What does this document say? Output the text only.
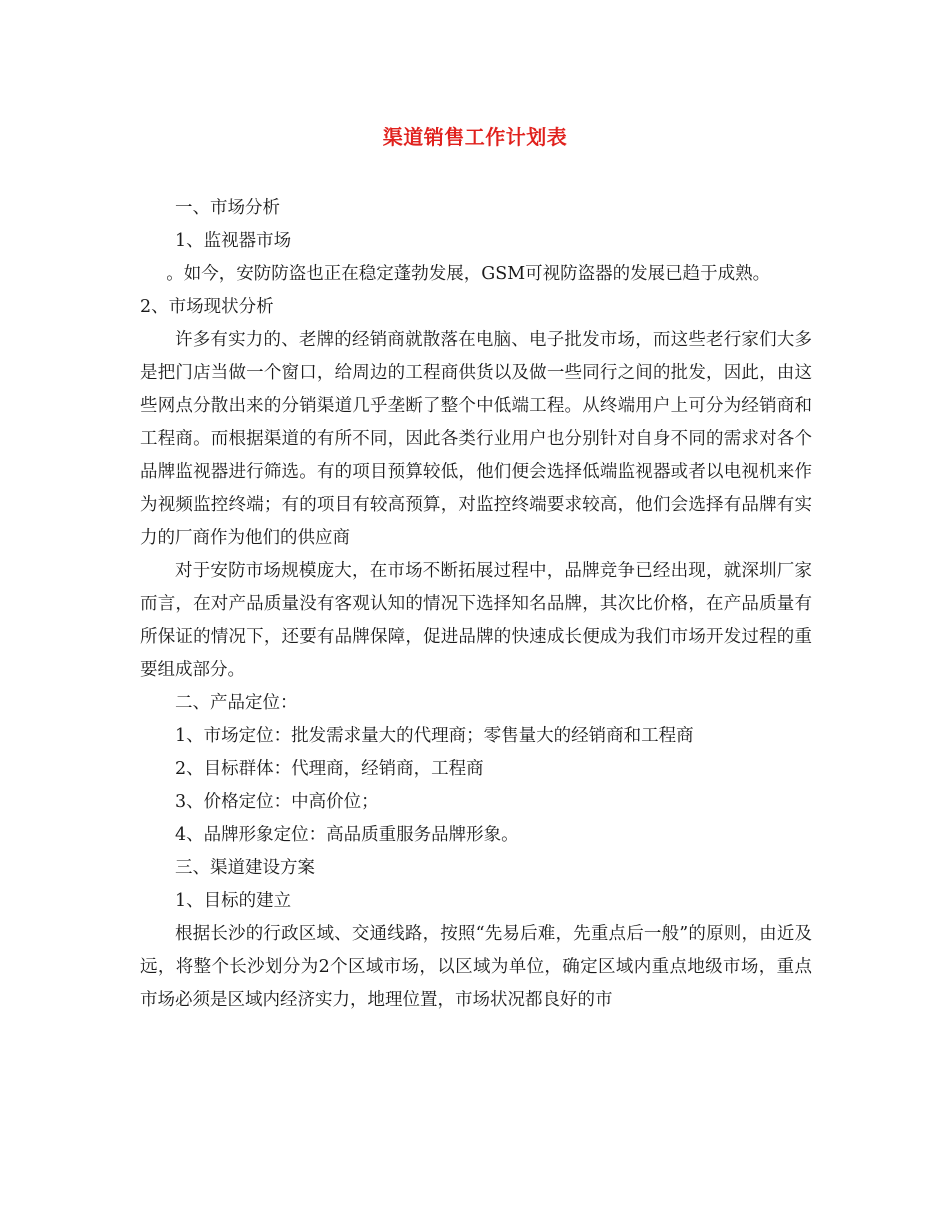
渠道销售工作计划表

一、市场分析

1、监视器市场

。如今，安防防盗也正在稳定蓬勃发展，GSM可视防盗器的发展已趋于成熟。

2、市场现状分析

许多有实力的、老牌的经销商就散落在电脑、电子批发市场，而这些老行家们大多是把门店当做一个窗口，给周边的工程商供货以及做一些同行之间的批发，因此，由这些网点分散出来的分销渠道几乎垄断了整个中低端工程。从终端用户上可分为经销商和工程商。而根据渠道的有所不同，因此各类行业用户也分别针对自身不同的需求对各个品牌监视器进行筛选。有的项目预算较低，他们便会选择低端监视器或者以电视机来作为视频监控终端；有的项目有较高预算，对监控终端要求较高，他们会选择有品牌有实力的厂商作为他们的供应商

对于安防市场规模庞大，在市场不断拓展过程中，品牌竞争已经出现，就深圳厂家而言，在对产品质量没有客观认知的情况下选择知名品牌，其次比价格，在产品质量有所保证的情况下，还要有品牌保障，促进品牌的快速成长便成为我们市场开发过程的重要组成部分。

二、产品定位：

1、市场定位：批发需求量大的代理商；零售量大的经销商和工程商

2、目标群体：代理商，经销商，工程商

3、价格定位：中高价位；

4、品牌形象定位：高品质重服务品牌形象。

三、渠道建设方案

1、目标的建立

根据长沙的行政区域、交通线路，按照“先易后难，先重点后一般”的原则，由近及远，将整个长沙划分为2个区域市场，以区域为单位，确定区域内重点地级市场，重点市场必须是区域内经济实力，地理位置，市场状况都良好的市
